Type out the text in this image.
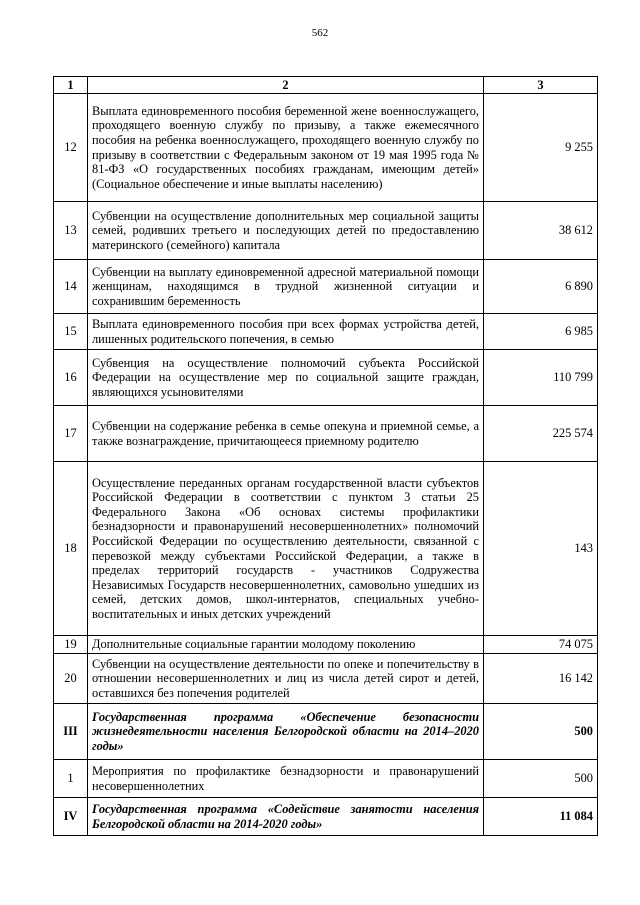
562
1	2	3
12	Выплата единовременного пособия беременной жене военнослужащего, проходящего военную службу по призыву, а также ежемесячного пособия на ребенка военнослужащего, проходящего военную службу по призыву в соответствии с Федеральным законом от 19 мая 1995 года № 81-ФЗ «О государственных пособиях гражданам, имеющим детей» (Социальное обеспечение и иные выплаты населению)	9 255
13	Субвенции на осуществление дополнительных мер социальной защиты семей, родивших третьего и последующих детей по предоставлению материнского (семейного) капитала	38 612
14	Субвенции на выплату единовременной адресной материальной помощи женщинам, находящимся в трудной жизненной ситуации и сохранившим беременность	6 890
15	Выплата единовременного пособия при всех формах устройства детей, лишенных родительского попечения, в семью	6 985
16	Субвенция на осуществление полномочий субъекта Российской Федерации на осуществление мер по социальной защите граждан, являющихся усыновителями	110 799
17	Субвенции на содержание ребенка в семье опекуна и приемной семье, а также вознаграждение, причитающееся приемному родителю	225 574
18	Осуществление переданных органам государственной власти субъектов Российской Федерации в соответствии с пунктом 3 статьи 25 Федерального Закона «Об основах системы профилактики безнадзорности и правонарушений несовершеннолетних» полномочий Российской Федерации по осуществлению деятельности, связанной с перевозкой между субъектами Российской Федерации, а также в пределах территорий государств - участников Содружества Независимых Государств несовершеннолетних, самовольно ушедших из семей, детских домов, школ-интернатов, специальных учебно-воспитательных и иных детских учреждений	143
19	Дополнительные социальные гарантии молодому поколению	74 075
20	Субвенции на осуществление деятельности по опеке и попечительству в отношении несовершеннолетних и лиц из числа детей сирот и детей, оставшихся без попечения родителей	16 142
III	Государственная программа «Обеспечение безопасности жизнедеятельности населения Белгородской области на 2014–2020 годы»	500
1	Мероприятия по профилактике безнадзорности и правонарушений несовершеннолетних	500
IV	Государственная программа «Содействие занятости населения Белгородской области на 2014-2020 годы»	11 084
